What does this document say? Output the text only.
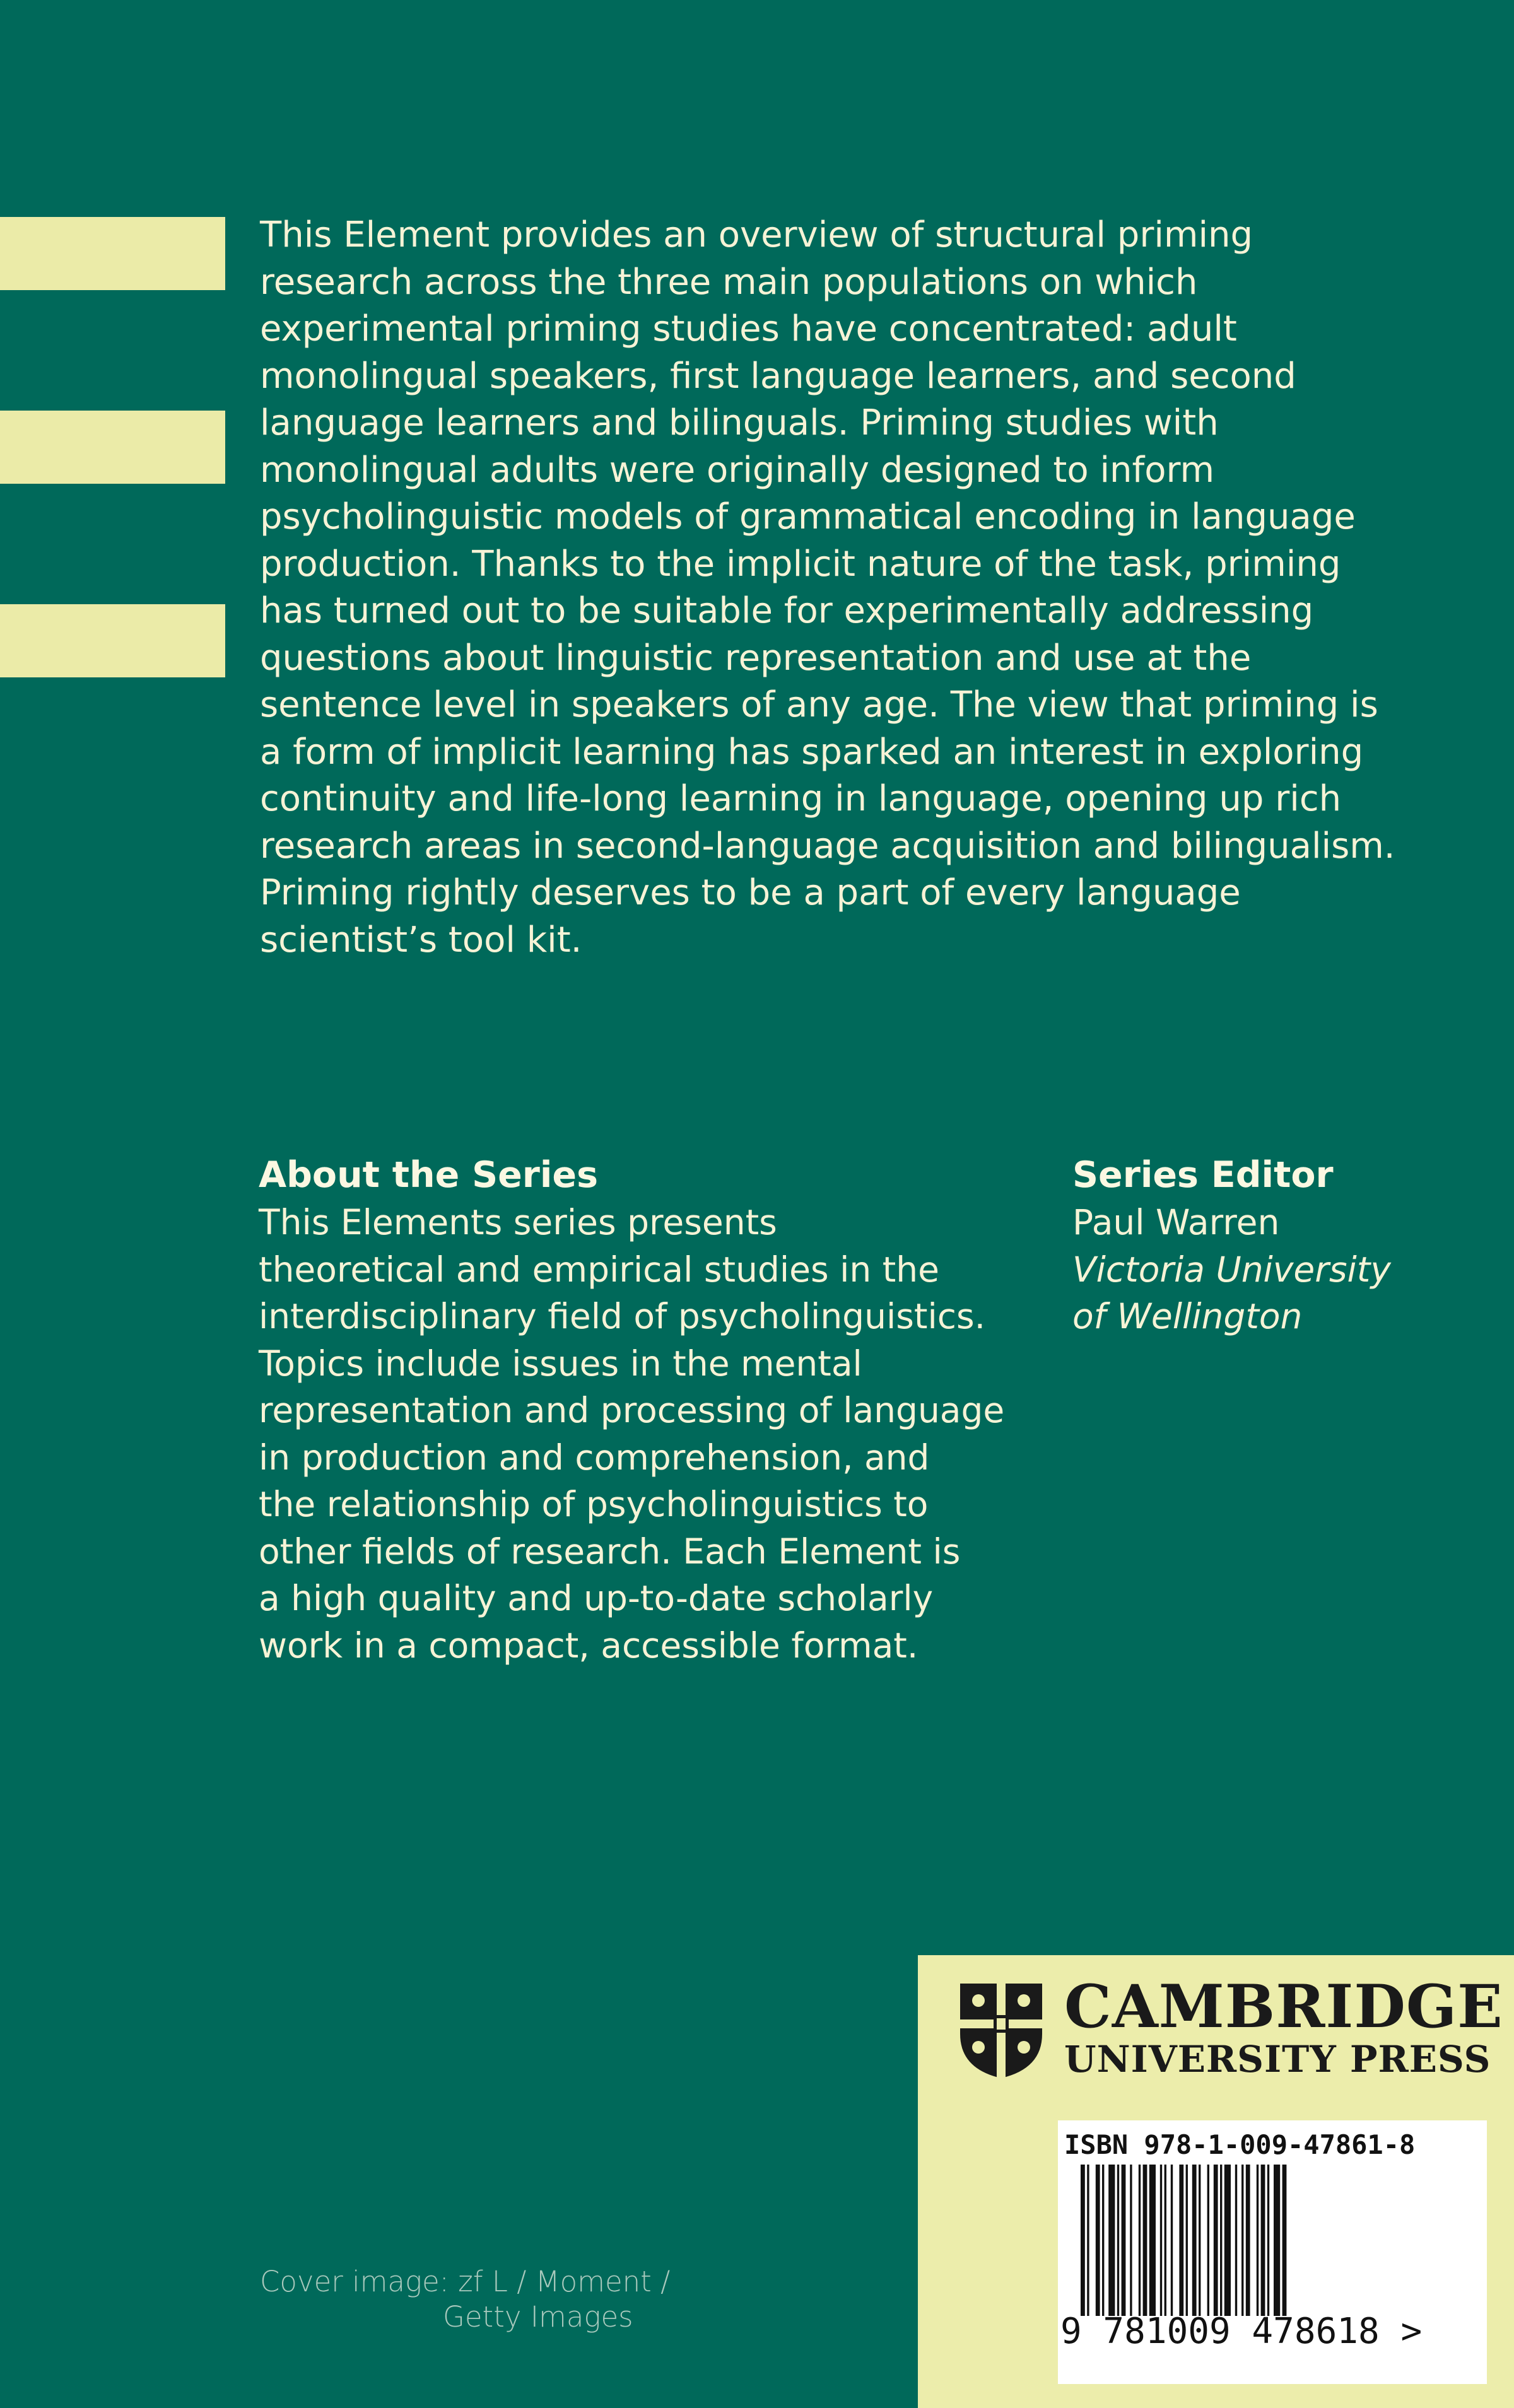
This Element provides an overview of structural priming
research across the three main populations on which
experimental priming studies have concentrated: adult
monolingual speakers, first language learners, and second
language learners and bilinguals. Priming studies with
monolingual adults were originally designed to inform
psycholinguistic models of grammatical encoding in language
production. Thanks to the implicit nature of the task, priming
has turned out to be suitable for experimentally addressing
questions about linguistic representation and use at the
sentence level in speakers of any age. The view that priming is
a form of implicit learning has sparked an interest in exploring
continuity and life-long learning in language, opening up rich
research areas in second-language acquisition and bilingualism.
Priming rightly deserves to be a part of every language
scientist’s tool kit.

About the Series

This Elements series presents
theoretical and empirical studies in the
interdisciplinary field of psycholinguistics.
Topics include issues in the mental
representation and processing of language
in production and comprehension, and
the relationship of psycholinguistics to
other fields of research. Each Element is
a high quality and up-to-date scholarly
work in a compact, accessible format.

Series Editor

Paul Warren

Victoria University of Wellington

Cover image: zf L / Moment /
Getty Images
CAMBRIDGE
UNIVERSITY PRESS
ISBN 978-1-009-47861-8
9 781009 478618 >
